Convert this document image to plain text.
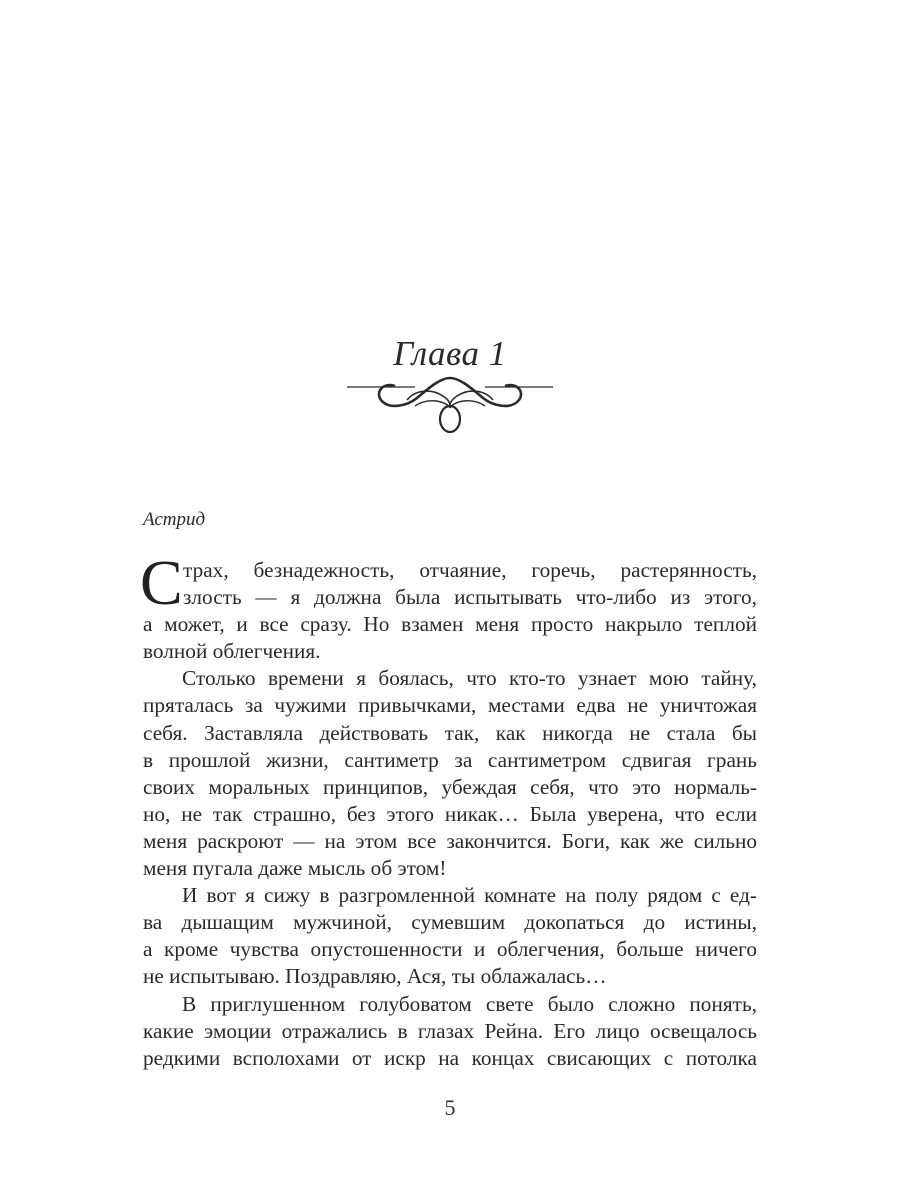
Глава 1
Астрид
С трах, безнадежность, отчаяние, горечь, растерянность,
злость — я должна была испытывать что-либо из этого,
а может, и все сразу. Но взамен меня просто накрыло теплой
волной облегчения.
Столько времени я боялась, что кто-то узнает мою тайну,
пряталась за чужими привычками, местами едва не уничтожая
себя. Заставляла действовать так, как никогда не стала бы
в прошлой жизни, сантиметр за сантиметром сдвигая грань
своих моральных принципов, убеждая себя, что это нормаль-
но, не так страшно, без этого никак… Была уверена, что если
меня раскроют — на этом все закончится. Боги, как же сильно
меня пугала даже мысль об этом!
И вот я сижу в разгромленной комнате на полу рядом с ед-
ва дышащим мужчиной, сумевшим докопаться до истины,
а кроме чувства опустошенности и облегчения, больше ничего
не испытываю. Поздравляю, Ася, ты облажалась…
В приглушенном голубоватом свете было сложно понять,
какие эмоции отражались в глазах Рейна. Его лицо освещалось
редкими всполохами от искр на концах свисающих с потолка
5
